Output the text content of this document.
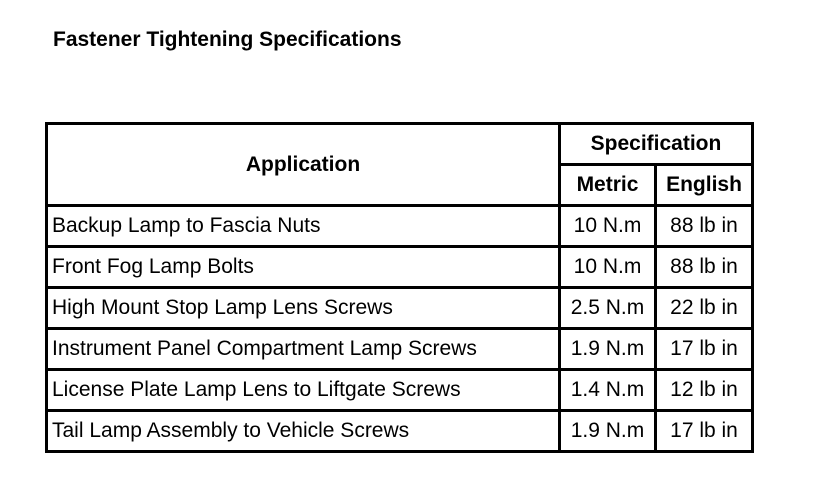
Fastener Tightening Specifications
Application	Specification	
	Metric	English
Backup Lamp to Fascia Nuts	10 N.m	88 lb in
Front Fog Lamp Bolts	10 N.m	88 lb in
High Mount Stop Lamp Lens Screws	2.5 N.m	22 lb in
Instrument Panel Compartment Lamp Screws	1.9 N.m	17 lb in
License Plate Lamp Lens to Liftgate Screws	1.4 N.m	12 lb in
Tail Lamp Assembly to Vehicle Screws	1.9 N.m	17 lb in
